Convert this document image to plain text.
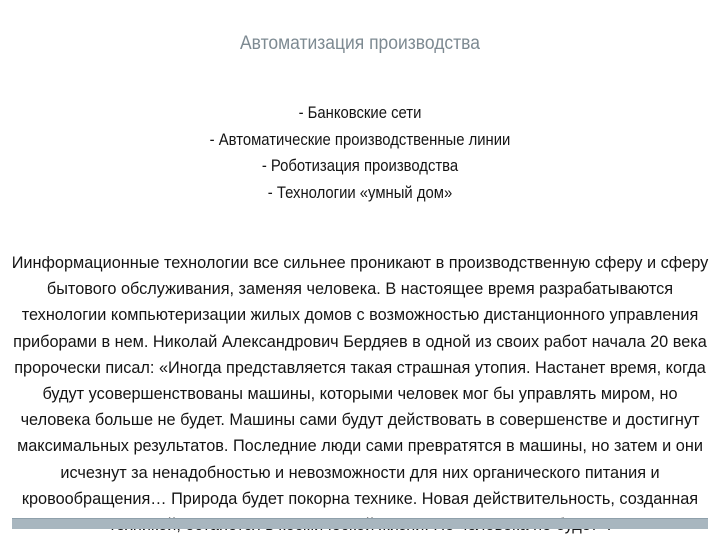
Автоматизация производства
- Банковские сети
- Автоматические производственные линии
- Роботизация производства
- Технологии «умный дом»

Иинформационные технологии все сильнее проникают в производственную сферу и сферу бытового обслуживания, заменяя человека. В настоящее время разрабатываются технологии компьютеризации жилых домов с возможностью дистанционного управления приборами в нем. Николай Александрович Бердяев в одной из своих работ начала 20 века пророчески писал: «Иногда представляется такая страшная утопия. Настанет время, когда будут усовершенствованы машины, которыми человек мог бы управлять миром, но человека больше не будет. Машины сами будут действовать в совершенстве и достигнут максимальных результатов. Последние люди сами превратятся в машины, но затем и они исчезнут за ненадобностью и невозможности для них органического питания и кровообращения… Природа будет покорна технике. Новая действительность, созданная
